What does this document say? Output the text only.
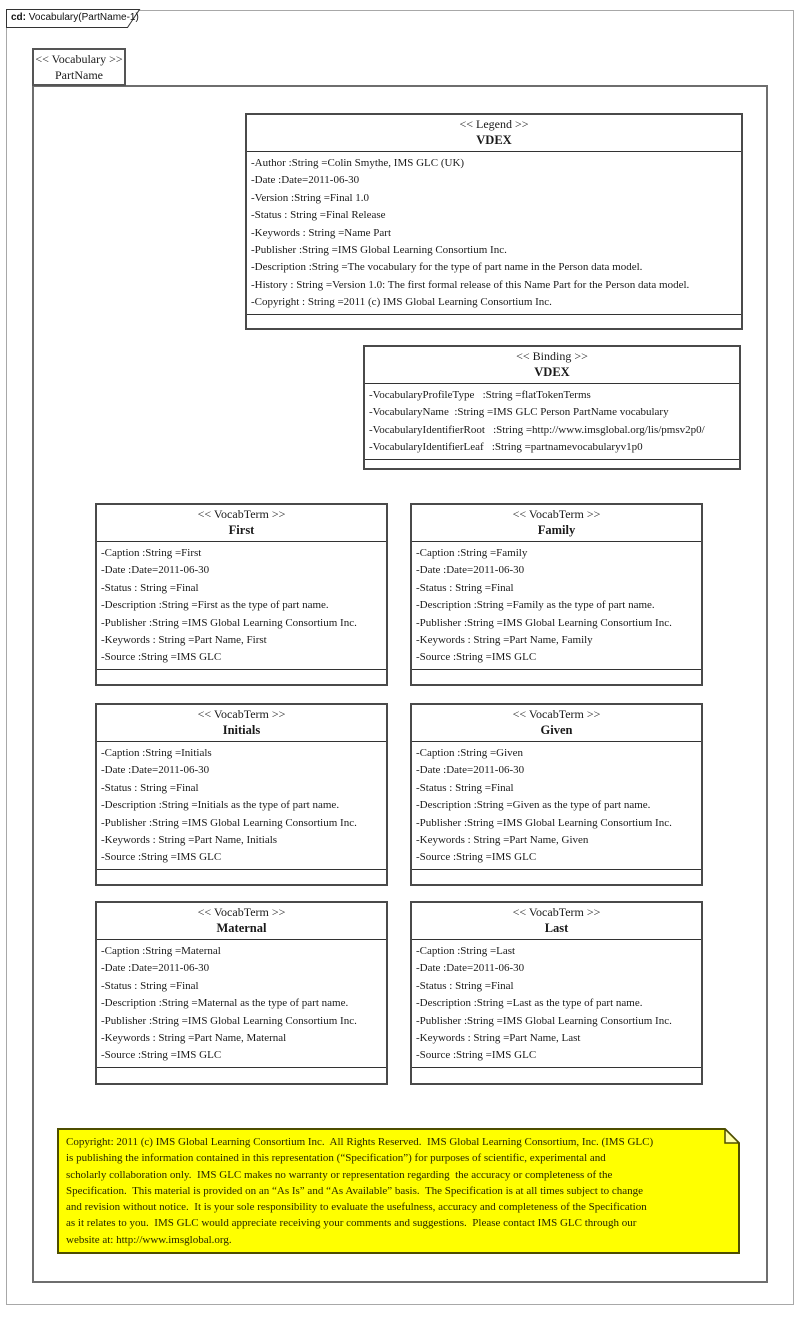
cd: Vocabulary(PartName-1)
<< Vocabulary >>
PartName
<< Legend >>
VDEX
-Author :String =Colin Smythe, IMS GLC (UK)
-Date :Date=2011-06-30
-Version :String =Final 1.0
-Status : String =Final Release
-Keywords : String =Name Part
-Publisher :String =IMS Global Learning Consortium Inc.
-Description :String =The vocabulary for the type of part name in the Person data model.
-History : String =Version 1.0: The first formal release of this Name Part for the Person data model.
-Copyright : String =2011 (c) IMS Global Learning Consortium Inc.
<< Binding >>
VDEX
-VocabularyProfileType   :String =flatTokenTerms
-VocabularyName  :String =IMS GLC Person PartName vocabulary
-VocabularyIdentifierRoot   :String =http://www.imsglobal.org/lis/pmsv2p0/
-VocabularyIdentifierLeaf   :String =partnamevocabularyv1p0
<< VocabTerm >>
First
-Caption :String =First
-Date :Date=2011-06-30
-Status : String =Final
-Description :String =First as the type of part name.
-Publisher :String =IMS Global Learning Consortium Inc.
-Keywords : String =Part Name, First
-Source :String =IMS GLC
<< VocabTerm >>
Family
-Caption :String =Family
-Date :Date=2011-06-30
-Status : String =Final
-Description :String =Family as the type of part name.
-Publisher :String =IMS Global Learning Consortium Inc.
-Keywords : String =Part Name, Family
-Source :String =IMS GLC
<< VocabTerm >>
Initials
-Caption :String =Initials
-Date :Date=2011-06-30
-Status : String =Final
-Description :String =Initials as the type of part name.
-Publisher :String =IMS Global Learning Consortium Inc.
-Keywords : String =Part Name, Initials
-Source :String =IMS GLC
<< VocabTerm >>
Given
-Caption :String =Given
-Date :Date=2011-06-30
-Status : String =Final
-Description :String =Given as the type of part name.
-Publisher :String =IMS Global Learning Consortium Inc.
-Keywords : String =Part Name, Given
-Source :String =IMS GLC
<< VocabTerm >>
Maternal
-Caption :String =Maternal
-Date :Date=2011-06-30
-Status : String =Final
-Description :String =Maternal as the type of part name.
-Publisher :String =IMS Global Learning Consortium Inc.
-Keywords : String =Part Name, Maternal
-Source :String =IMS GLC
<< VocabTerm >>
Last
-Caption :String =Last
-Date :Date=2011-06-30
-Status : String =Final
-Description :String =Last as the type of part name.
-Publisher :String =IMS Global Learning Consortium Inc.
-Keywords : String =Part Name, Last
-Source :String =IMS GLC
Copyright: 2011 (c) IMS Global Learning Consortium Inc.  All Rights Reserved.  IMS Global Learning Consortium, Inc. (IMS GLC)
is publishing the information contained in this representation (“Specification”) for purposes of scientific, experimental and
scholarly collaboration only.  IMS GLC makes no warranty or representation regarding  the accuracy or completeness of the
Specification.  This material is provided on an “As Is” and “As Available” basis.  The Specification is at all times subject to change
and revision without notice.  It is your sole responsibility to evaluate the usefulness, accuracy and completeness of the Specification
as it relates to you.  IMS GLC would appreciate receiving your comments and suggestions.  Please contact IMS GLC through our
website at: http://www.imsglobal.org.
